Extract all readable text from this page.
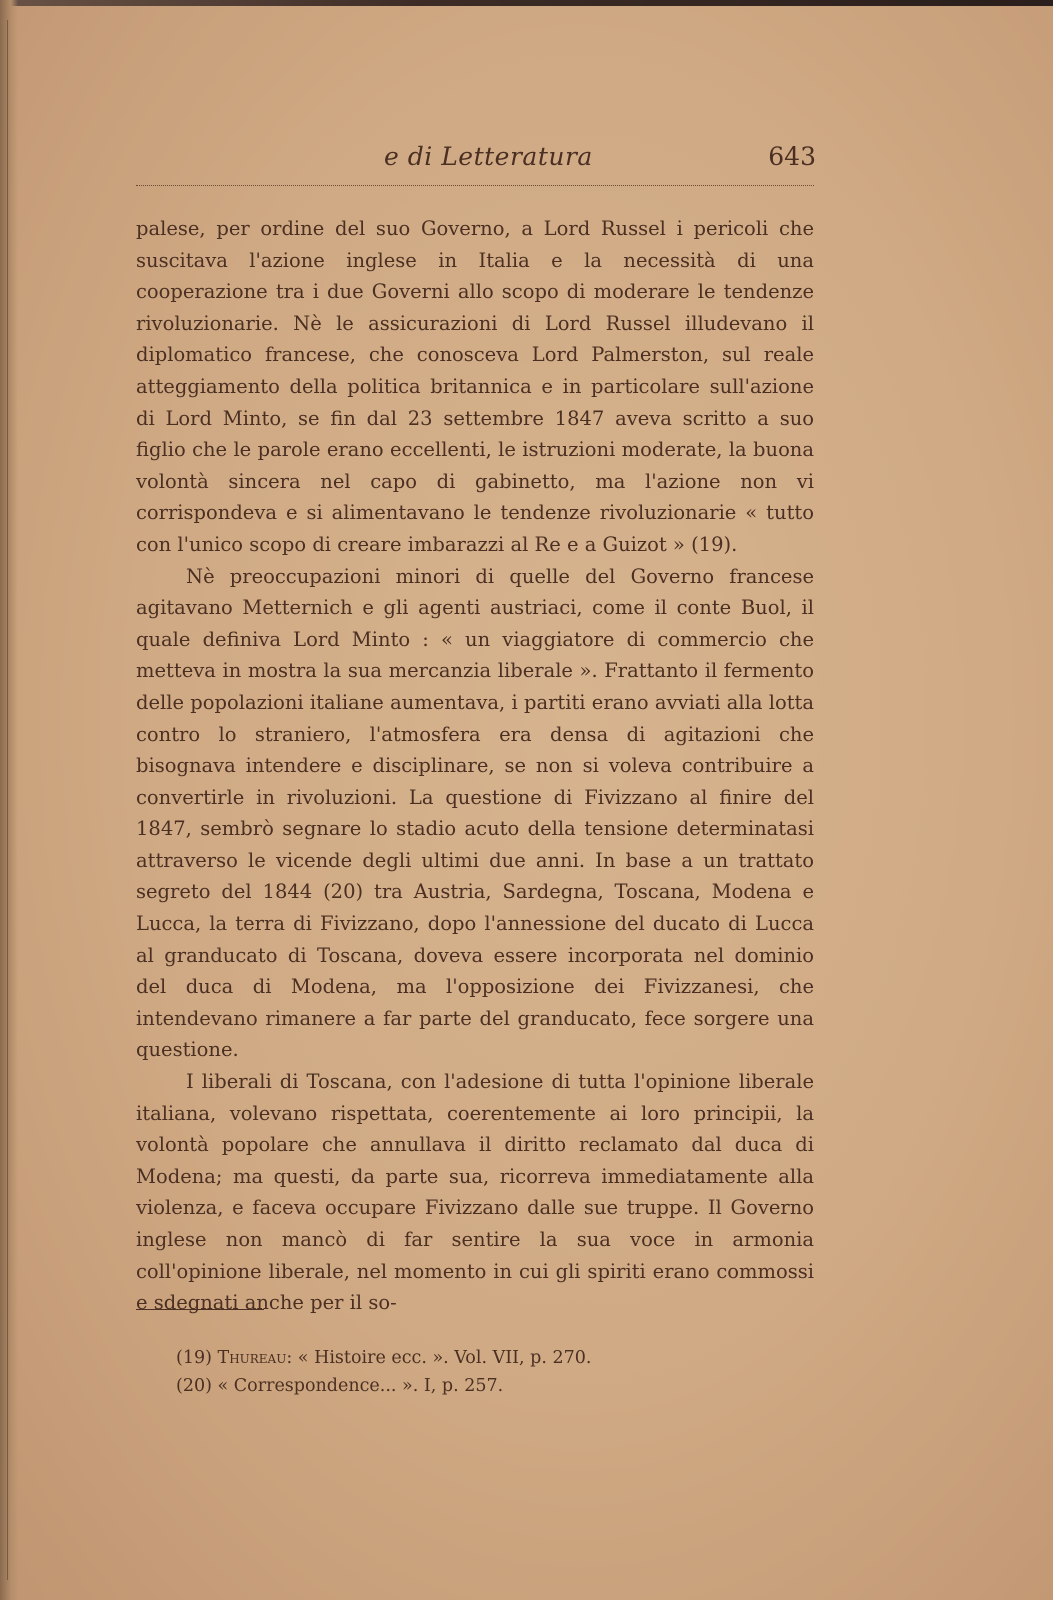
e di Letteratura	643

palese, per ordine del suo Governo, a Lord Russel i pericoli che suscitava l'azione inglese in Italia e la necessità di una cooperazione tra i due Governi allo scopo di moderare le tendenze rivoluzionarie. Nè le assicurazioni di Lord Russel illudevano il diplomatico francese, che conosceva Lord Palmerston, sul reale atteggiamento della politica britannica e in particolare sull'azione di Lord Minto, se fin dal 23 settembre 1847 aveva scritto a suo figlio che le parole erano eccellenti, le istruzioni moderate, la buona volontà sincera nel capo di gabinetto, ma l'azione non vi corrispondeva e si alimentavano le tendenze rivoluzionarie « tutto con l'unico scopo di creare imbarazzi al Re e a Guizot » (19).

Nè preoccupazioni minori di quelle del Governo francese agitavano Metternich e gli agenti austriaci, come il conte Buol, il quale definiva Lord Minto : « un viaggiatore di commercio che metteva in mostra la sua mercanzia liberale ». Frattanto il fermento delle popolazioni italiane aumentava, i partiti erano avviati alla lotta contro lo straniero, l'atmosfera era densa di agitazioni che bisognava intendere e disciplinare, se non si voleva contribuire a convertirle in rivoluzioni. La questione di Fivizzano al finire del 1847, sembrò segnare lo stadio acuto della tensione determinatasi attraverso le vicende degli ultimi due anni. In base a un trattato segreto del 1844 (20) tra Austria, Sardegna, Toscana, Modena e Lucca, la terra di Fivizzano, dopo l'annessione del ducato di Lucca al granducato di Toscana, doveva essere incorporata nel dominio del duca di Modena, ma l'opposizione dei Fivizzanesi, che intendevano rimanere a far parte del granducato, fece sorgere una questione.

I liberali di Toscana, con l'adesione di tutta l'opinione liberale italiana, volevano rispettata, coerentemente ai loro principii, la volontà popolare che annullava il diritto reclamato dal duca di Modena; ma questi, da parte sua, ricorreva immediatamente alla violenza, e faceva occupare Fivizzano dalle sue truppe. Il Governo inglese non mancò di far sentire la sua voce in armonia coll'opinione liberale, nel momento in cui gli spiriti erano commossi e sdegnati anche per il so-

(19) Thureau: « Histoire ecc. ». Vol. VII, p. 270.
(20) « Correspondence... ». I, p. 257.
